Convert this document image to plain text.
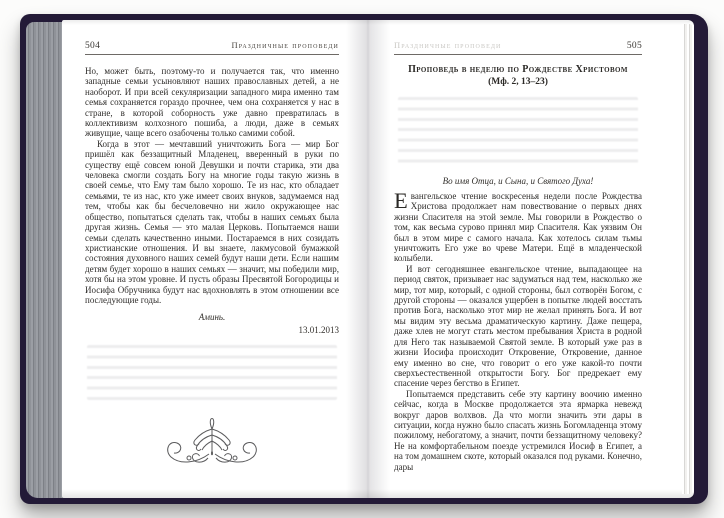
504	Праздничные проповеди

Но, может быть, поэтому-то и получается так, что именно западные семьи усыновляют наших православных детей, а не наоборот. И при всей секуляризации западного мира именно там семья сохраняется гораздо прочнее, чем она сохраняется у нас в стране, в которой соборность уже давно превратилась в коллективизм колхозного пошиба, а люди, даже в семьях живущие, чаще всего озабочены только самими собой.

Когда в этот — мечтавший уничтожить Бога — мир Бог пришёл как беззащитный Младенец, вверенный в руки по существу ещё совсем юной Девушки и почти старика, эти два человека смогли создать Богу на многие годы такую жизнь в своей семье, что Ему там было хорошо. Те из нас, кто обладает семьями, те из нас, кто уже имеет своих внуков, задумаемся над тем, чтобы как бы бесчеловечно ни жило окружающее нас общество, попытаться сделать так, чтобы в наших семьях была другая жизнь. Семья — это малая Церковь. Попытаемся наши семьи сделать качественно иными. Постараемся в них созидать христианские отношения. И вы знаете, лакмусовой бумажкой состояния духовного наших семей будут наши дети. Если нашим детям будет хорошо в наших семьях — значит, мы победили мир, хотя бы на этом уровне. И пусть образы Пресвятой Богородицы и Иосифа Обручника будут нас вдохновлять в этом отношении все последующие годы.

Аминь.
13.01.2013
Праздничные проповеди	505
Проповедь в неделю по Рождестве Христовом
(Мф. 2, 13–23)
Во имя Отца, и Сына, и Святого Духа!

Евангельское чтение воскресенья недели после Рождества Христова продолжает нам повествование о первых днях жизни Спасителя на этой земле. Мы говорили в Рождество о том, как весьма сурово принял мир Спасителя. Как уязвим Он был в этом мире с самого начала. Как хотелось силам тьмы уничтожить Его уже во чреве Матери. Ещё в младенческой колыбели.

И вот сегодняшнее евангельское чтение, выпадающее на период святок, призывает нас задуматься над тем, насколько же мир, тот мир, который, с одной стороны, был сотворён Богом, с другой стороны — оказался ущербен в попытке людей восстать против Бога, насколько этот мир не желал принять Бога. И вот мы видим эту весьма драматическую картину. Даже пещера, даже хлев не могут стать местом пребывания Христа в родной для Него так называемой Святой земле. В который уже раз в жизни Иосифа происходит Откровение, Откровение, данное ему именно во сне, что говорит о его уже какой-то почти сверхъестественной открытости Богу. Бог предрекает ему спасение через бегство в Египет.

Попытаемся представить себе эту картину воочию именно сейчас, когда в Москве продолжается эта ярмарка невежд вокруг даров волхвов. Да что могли значить эти дары в ситуации, когда нужно было спасать жизнь Богомладенца этому пожилому, небогатому, а значит, почти беззащитному человеку? Не на комфортабельном поезде устремился Иосиф в Египет, а на том домашнем скоте, который оказался под руками. Конечно, дары
